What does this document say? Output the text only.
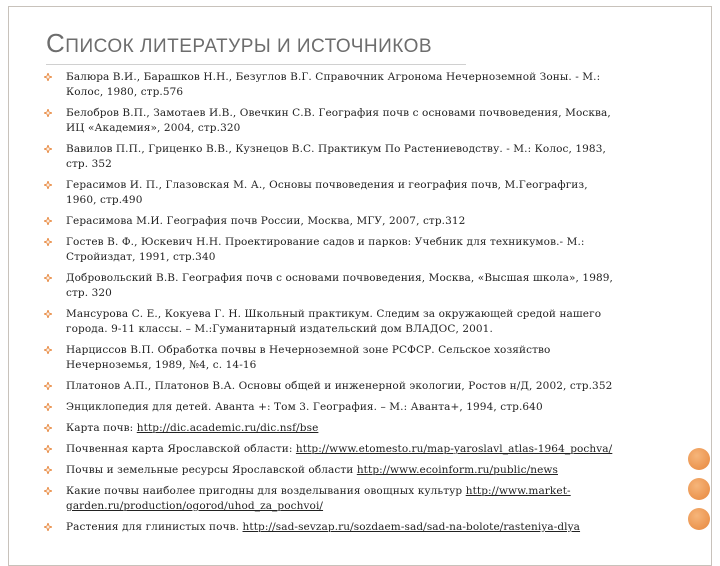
СПИСОК ЛИТЕРАТУРЫ И ИСТОЧНИКОВ
Балюра В.И., Барашков Н.Н., Безуглов В.Г. Справочник Агронома Нечерноземной Зоны. - М.: Колос, 1980, стр.576
Белобров В.П., Замотаев И.В., Овечкин С.В. География почв с основами почвоведения, Москва, ИЦ «Академия», 2004, стр.320
Вавилов П.П., Гриценко В.В., Кузнецов В.С. Практикум По Растениеводству. - М.: Колос, 1983, стр. 352
Герасимов И. П., Глазовская М. А., Основы почвоведения и география почв, М.Географгиз, 1960, стр.490
Герасимова М.И. География почв России, Москва, МГУ, 2007, стр.312
Гостев В. Ф., Юскевич Н.Н. Проектирование садов и парков: Учебник для техникумов.- М.: Стройиздат, 1991, стр.340
Добровольский В.В. География почв с основами почвоведения, Москва, «Высшая школа», 1989, стр. 320
Мансурова С. Е., Кокуева Г. Н. Школьный практикум. Следим за окружающей средой нашего города. 9-11 классы. – М.:Гуманитарный издательский дом ВЛАДОС, 2001.
Нарциссов В.П. Обработка почвы в Нечерноземной зоне РСФСР. Сельское хозяйство Нечерноземья, 1989, №4, с. 14-16
Платонов А.П., Платонов В.А. Основы общей и инженерной экологии, Ростов н/Д, 2002, стр.352
Энциклопедия для детей. Аванта +: Том 3. География. – М.: Аванта+, 1994, стр.640
Карта почв: http://dic.academic.ru/dic.nsf/bse
Почвенная карта Ярославской области: http://www.etomesto.ru/map-yaroslavl_atlas-1964_pochva/
Почвы и земельные ресурсы Ярославской области http://www.ecoinform.ru/public/news
Какие почвы наиболее пригодны для возделывания овощных культур http://www.market-garden.ru/production/ogorod/uhod_za_pochvoi/
Растения для глинистых почв. http://sad-sevzap.ru/sozdaem-sad/sad-na-bolote/rasteniya-dlya
